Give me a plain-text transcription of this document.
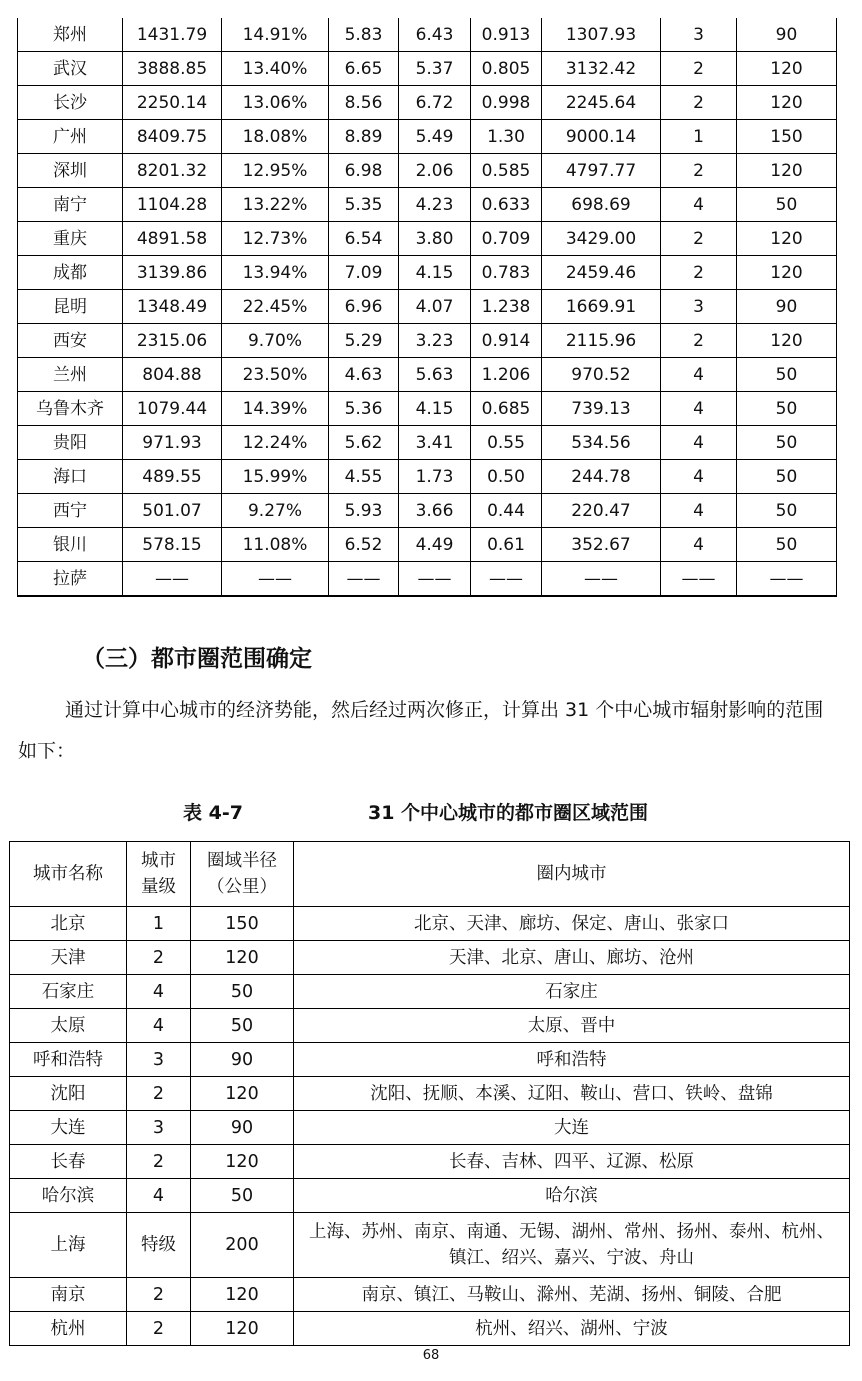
郑州	1431.79	14.91%	5.83	6.43	0.913	1307.93	3	90
武汉	3888.85	13.40%	6.65	5.37	0.805	3132.42	2	120
长沙	2250.14	13.06%	8.56	6.72	0.998	2245.64	2	120
广州	8409.75	18.08%	8.89	5.49	1.30	9000.14	1	150
深圳	8201.32	12.95%	6.98	2.06	0.585	4797.77	2	120
南宁	1104.28	13.22%	5.35	4.23	0.633	698.69	4	50
重庆	4891.58	12.73%	6.54	3.80	0.709	3429.00	2	120
成都	3139.86	13.94%	7.09	4.15	0.783	2459.46	2	120
昆明	1348.49	22.45%	6.96	4.07	1.238	1669.91	3	90
西安	2315.06	9.70%	5.29	3.23	0.914	2115.96	2	120
兰州	804.88	23.50%	4.63	5.63	1.206	970.52	4	50
乌鲁木齐	1079.44	14.39%	5.36	4.15	0.685	739.13	4	50
贵阳	971.93	12.24%	5.62	3.41	0.55	534.56	4	50
海口	489.55	15.99%	4.55	1.73	0.50	244.78	4	50
西宁	501.07	9.27%	5.93	3.66	0.44	220.47	4	50
银川	578.15	11.08%	6.52	4.49	0.61	352.67	4	50
拉萨	——	——	——	——	——	——	——	——
（三）都市圈范围确定

通过计算中心城市的经济势能，然后经过两次修正，计算出 31 个中心城市辐射影响的范围如下：

表 4-7	31 个中心城市的都市圈区域范围
城市名称	城市量级	圈域半径（公里）	圈内城市
北京	1	150	北京、天津、廊坊、保定、唐山、张家口
天津	2	120	天津、北京、唐山、廊坊、沧州
石家庄	4	50	石家庄
太原	4	50	太原、晋中
呼和浩特	3	90	呼和浩特
沈阳	2	120	沈阳、抚顺、本溪、辽阳、鞍山、营口、铁岭、盘锦
大连	3	90	大连
长春	2	120	长春、吉林、四平、辽源、松原
哈尔滨	4	50	哈尔滨
上海	特级	200	上海、苏州、南京、南通、无锡、湖州、常州、扬州、泰州、杭州、镇江、绍兴、嘉兴、宁波、舟山
南京	2	120	南京、镇江、马鞍山、滁州、芜湖、扬州、铜陵、合肥
杭州	2	120	杭州、绍兴、湖州、宁波
68
